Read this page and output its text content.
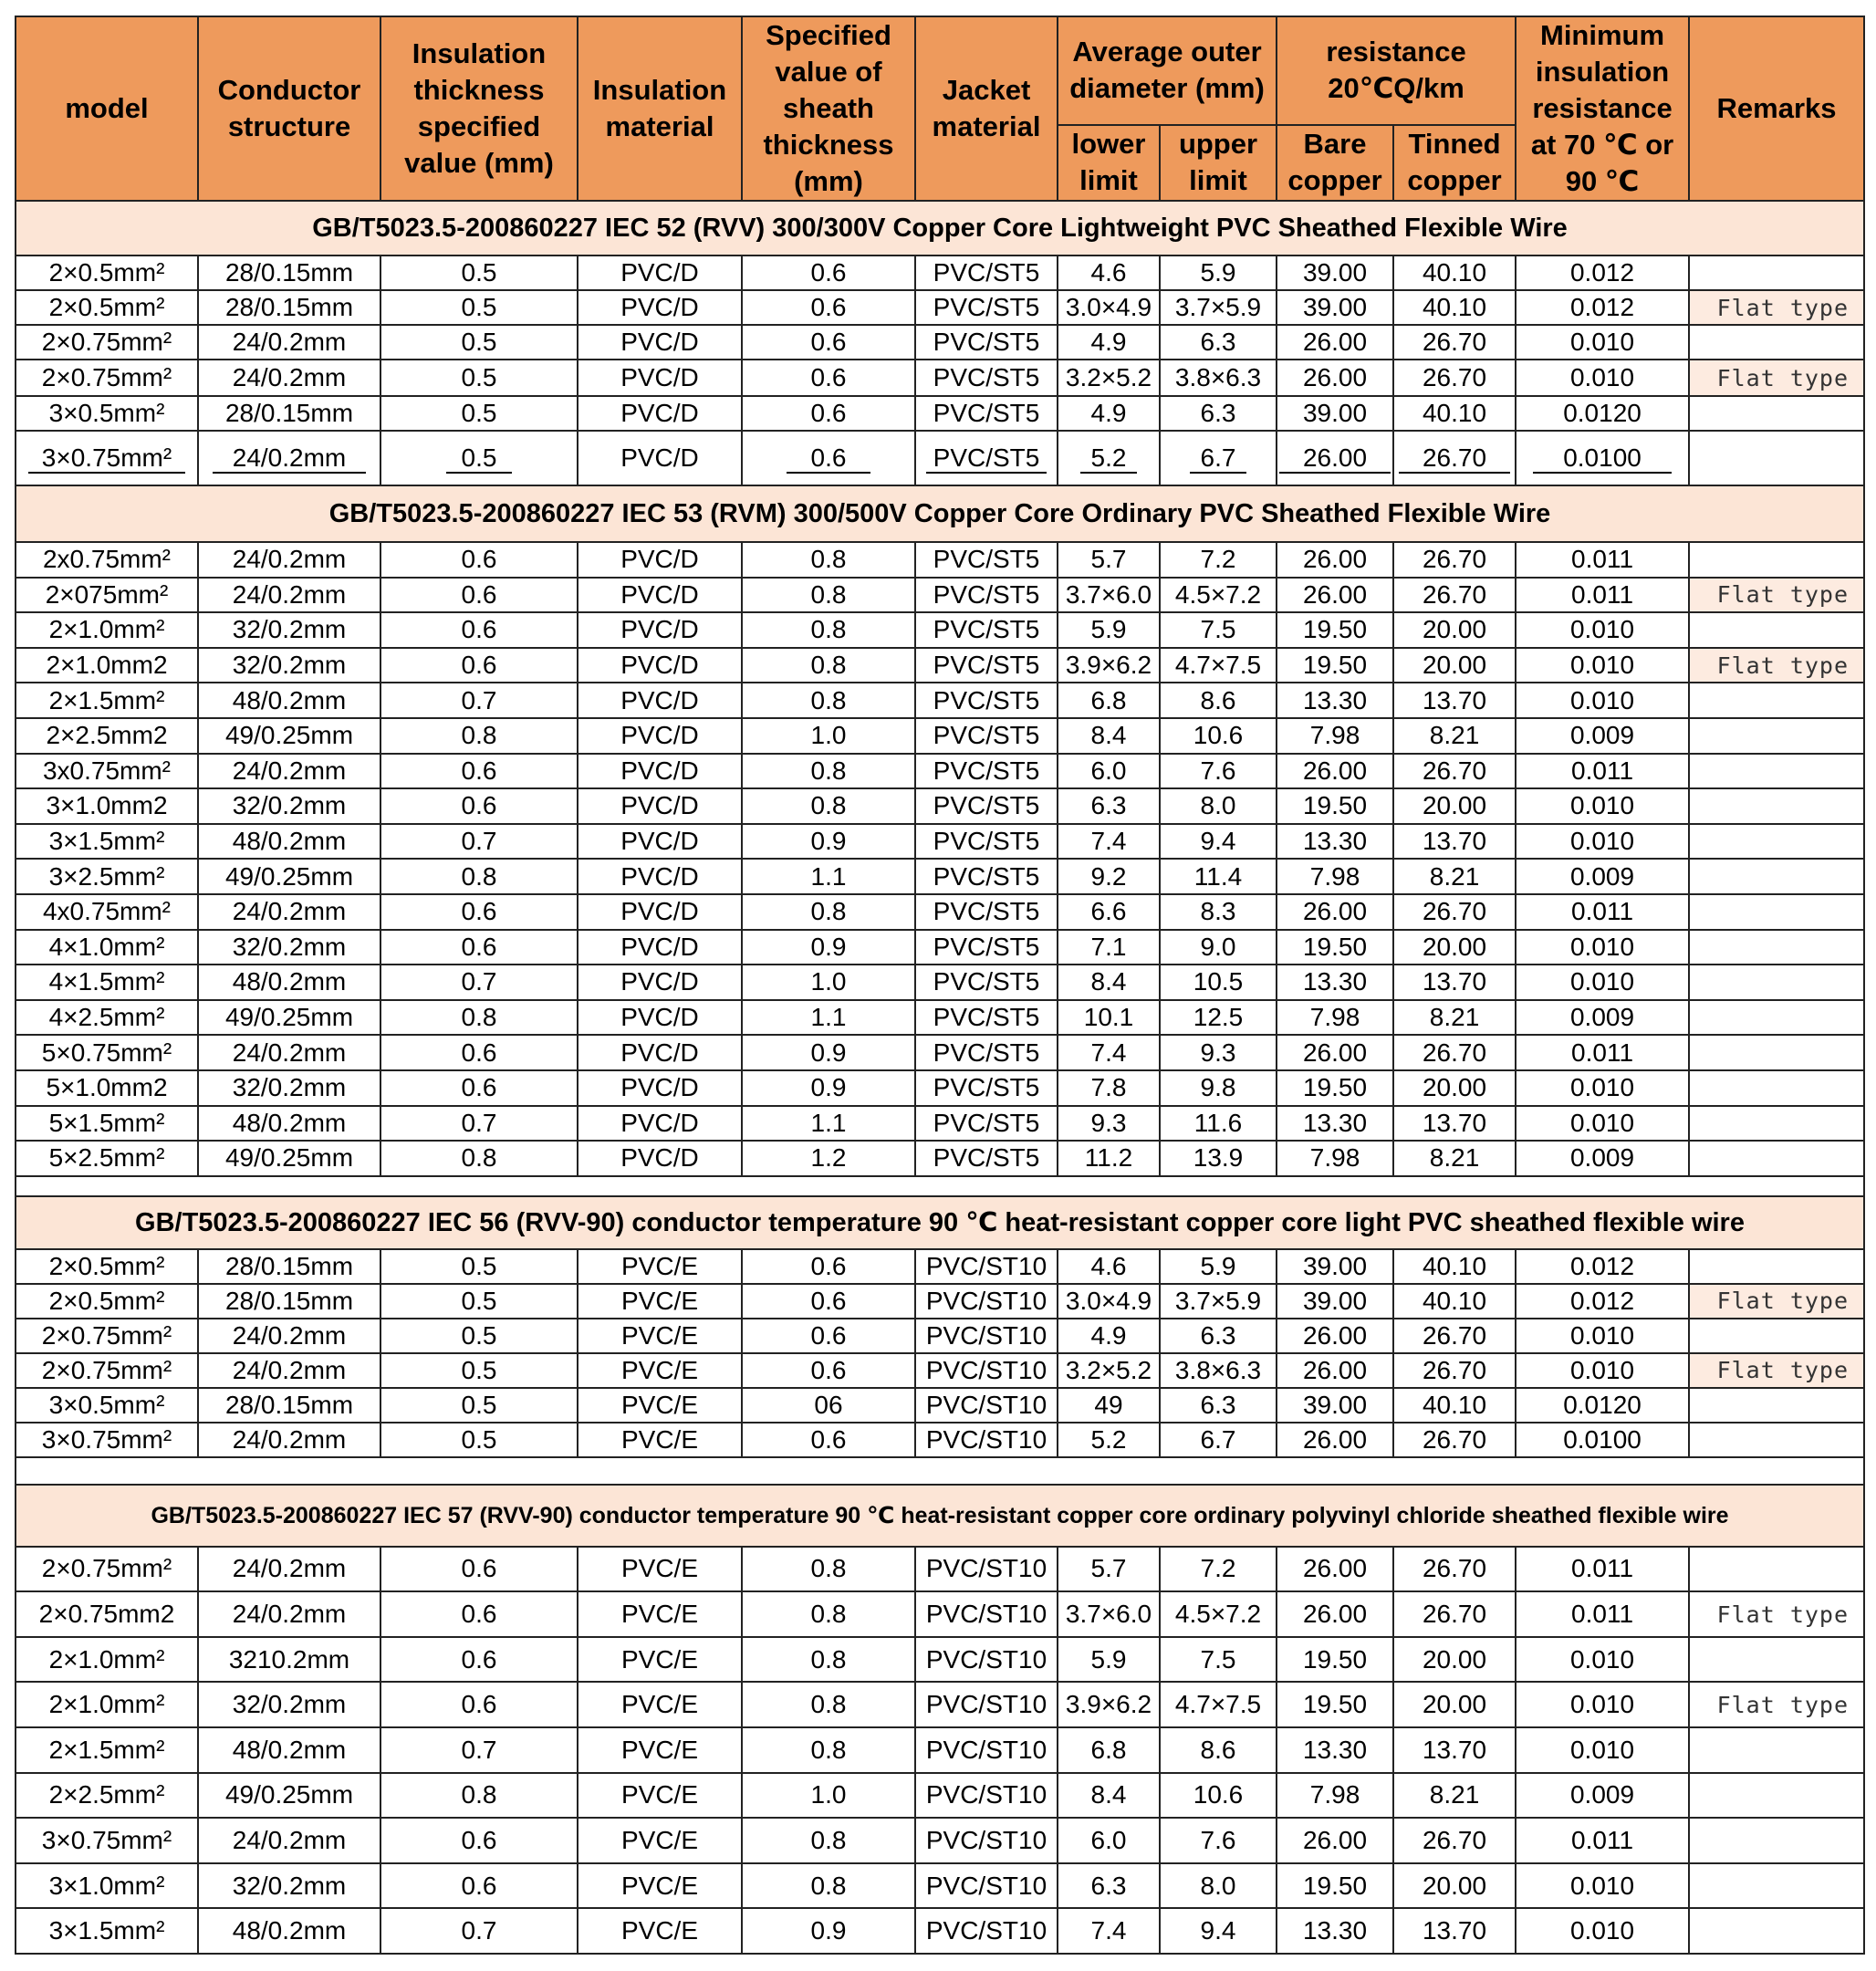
model	Conductor structure	Insulation thickness specified value (mm)	Insulation material	Specified value of sheath thickness (mm)	Jacket material	Average outer diameter (mm)		resistance 20℃Q/km		Minimum insulation resistance at 70 ℃ or 90 ℃	Remarks
						lower limit	upper limit	Bare copper	Tinned copper		
GB/T5023.5-200860227 IEC 52 (RVV) 300/300V Copper Core Lightweight PVC Sheathed Flexible Wire											
2×0.5mm²	28/0.15mm	0.5	PVC/D	0.6	PVC/ST5	4.6	5.9	39.00	40.10	0.012	
2×0.5mm²	28/0.15mm	0.5	PVC/D	0.6	PVC/ST5	3.0×4.9	3.7×5.9	39.00	40.10	0.012	Flat type
2×0.75mm²	24/0.2mm	0.5	PVC/D	0.6	PVC/ST5	4.9	6.3	26.00	26.70	0.010	
2×0.75mm²	24/0.2mm	0.5	PVC/D	0.6	PVC/ST5	3.2×5.2	3.8×6.3	26.00	26.70	0.010	Flat type
3×0.5mm²	28/0.15mm	0.5	PVC/D	0.6	PVC/ST5	4.9	6.3	39.00	40.10	0.0120	
3×0.75mm²	24/0.2mm	0.5	PVC/D	0.6	PVC/ST5	5.2	6.7	26.00	26.70	0.0100	
GB/T5023.5-200860227 IEC 53 (RVM) 300/500V Copper Core Ordinary PVC Sheathed Flexible Wire											
2x0.75mm²	24/0.2mm	0.6	PVC/D	0.8	PVC/ST5	5.7	7.2	26.00	26.70	0.011	
2×075mm²	24/0.2mm	0.6	PVC/D	0.8	PVC/ST5	3.7×6.0	4.5×7.2	26.00	26.70	0.011	Flat type
2×1.0mm²	32/0.2mm	0.6	PVC/D	0.8	PVC/ST5	5.9	7.5	19.50	20.00	0.010	
2×1.0mm2	32/0.2mm	0.6	PVC/D	0.8	PVC/ST5	3.9×6.2	4.7×7.5	19.50	20.00	0.010	Flat type
2×1.5mm²	48/0.2mm	0.7	PVC/D	0.8	PVC/ST5	6.8	8.6	13.30	13.70	0.010	
2×2.5mm2	49/0.25mm	0.8	PVC/D	1.0	PVC/ST5	8.4	10.6	7.98	8.21	0.009	
3x0.75mm²	24/0.2mm	0.6	PVC/D	0.8	PVC/ST5	6.0	7.6	26.00	26.70	0.011	
3×1.0mm2	32/0.2mm	0.6	PVC/D	0.8	PVC/ST5	6.3	8.0	19.50	20.00	0.010	
3×1.5mm²	48/0.2mm	0.7	PVC/D	0.9	PVC/ST5	7.4	9.4	13.30	13.70	0.010	
3×2.5mm²	49/0.25mm	0.8	PVC/D	1.1	PVC/ST5	9.2	11.4	7.98	8.21	0.009	
4x0.75mm²	24/0.2mm	0.6	PVC/D	0.8	PVC/ST5	6.6	8.3	26.00	26.70	0.011	
4×1.0mm²	32/0.2mm	0.6	PVC/D	0.9	PVC/ST5	7.1	9.0	19.50	20.00	0.010	
4×1.5mm²	48/0.2mm	0.7	PVC/D	1.0	PVC/ST5	8.4	10.5	13.30	13.70	0.010	
4×2.5mm²	49/0.25mm	0.8	PVC/D	1.1	PVC/ST5	10.1	12.5	7.98	8.21	0.009	
5×0.75mm²	24/0.2mm	0.6	PVC/D	0.9	PVC/ST5	7.4	9.3	26.00	26.70	0.011	
5×1.0mm2	32/0.2mm	0.6	PVC/D	0.9	PVC/ST5	7.8	9.8	19.50	20.00	0.010	
5×1.5mm²	48/0.2mm	0.7	PVC/D	1.1	PVC/ST5	9.3	11.6	13.30	13.70	0.010	
5×2.5mm²	49/0.25mm	0.8	PVC/D	1.2	PVC/ST5	11.2	13.9	7.98	8.21	0.009	

GB/T5023.5-200860227 IEC 56 (RVV-90) conductor temperature 90 ℃ heat-resistant copper core light PVC sheathed flexible wire											
2×0.5mm²	28/0.15mm	0.5	PVC/E	0.6	PVC/ST10	4.6	5.9	39.00	40.10	0.012	
2×0.5mm²	28/0.15mm	0.5	PVC/E	0.6	PVC/ST10	3.0×4.9	3.7×5.9	39.00	40.10	0.012	Flat type
2×0.75mm²	24/0.2mm	0.5	PVC/E	0.6	PVC/ST10	4.9	6.3	26.00	26.70	0.010	
2×0.75mm²	24/0.2mm	0.5	PVC/E	0.6	PVC/ST10	3.2×5.2	3.8×6.3	26.00	26.70	0.010	Flat type
3×0.5mm²	28/0.15mm	0.5	PVC/E	06	PVC/ST10	49	6.3	39.00	40.10	0.0120	
3×0.75mm²	24/0.2mm	0.5	PVC/E	0.6	PVC/ST10	5.2	6.7	26.00	26.70	0.0100	

GB/T5023.5-200860227 IEC 57 (RVV-90) conductor temperature 90 ℃ heat-resistant copper core ordinary polyvinyl chloride sheathed flexible wire											
2×0.75mm²	24/0.2mm	0.6	PVC/E	0.8	PVC/ST10	5.7	7.2	26.00	26.70	0.011	
2×0.75mm2	24/0.2mm	0.6	PVC/E	0.8	PVC/ST10	3.7×6.0	4.5×7.2	26.00	26.70	0.011	Flat type
2×1.0mm²	3210.2mm	0.6	PVC/E	0.8	PVC/ST10	5.9	7.5	19.50	20.00	0.010	
2×1.0mm²	32/0.2mm	0.6	PVC/E	0.8	PVC/ST10	3.9×6.2	4.7×7.5	19.50	20.00	0.010	Flat type
2×1.5mm²	48/0.2mm	0.7	PVC/E	0.8	PVC/ST10	6.8	8.6	13.30	13.70	0.010	
2×2.5mm²	49/0.25mm	0.8	PVC/E	1.0	PVC/ST10	8.4	10.6	7.98	8.21	0.009	
3×0.75mm²	24/0.2mm	0.6	PVC/E	0.8	PVC/ST10	6.0	7.6	26.00	26.70	0.011	
3×1.0mm²	32/0.2mm	0.6	PVC/E	0.8	PVC/ST10	6.3	8.0	19.50	20.00	0.010	
3×1.5mm²	48/0.2mm	0.7	PVC/E	0.9	PVC/ST10	7.4	9.4	13.30	13.70	0.010	
